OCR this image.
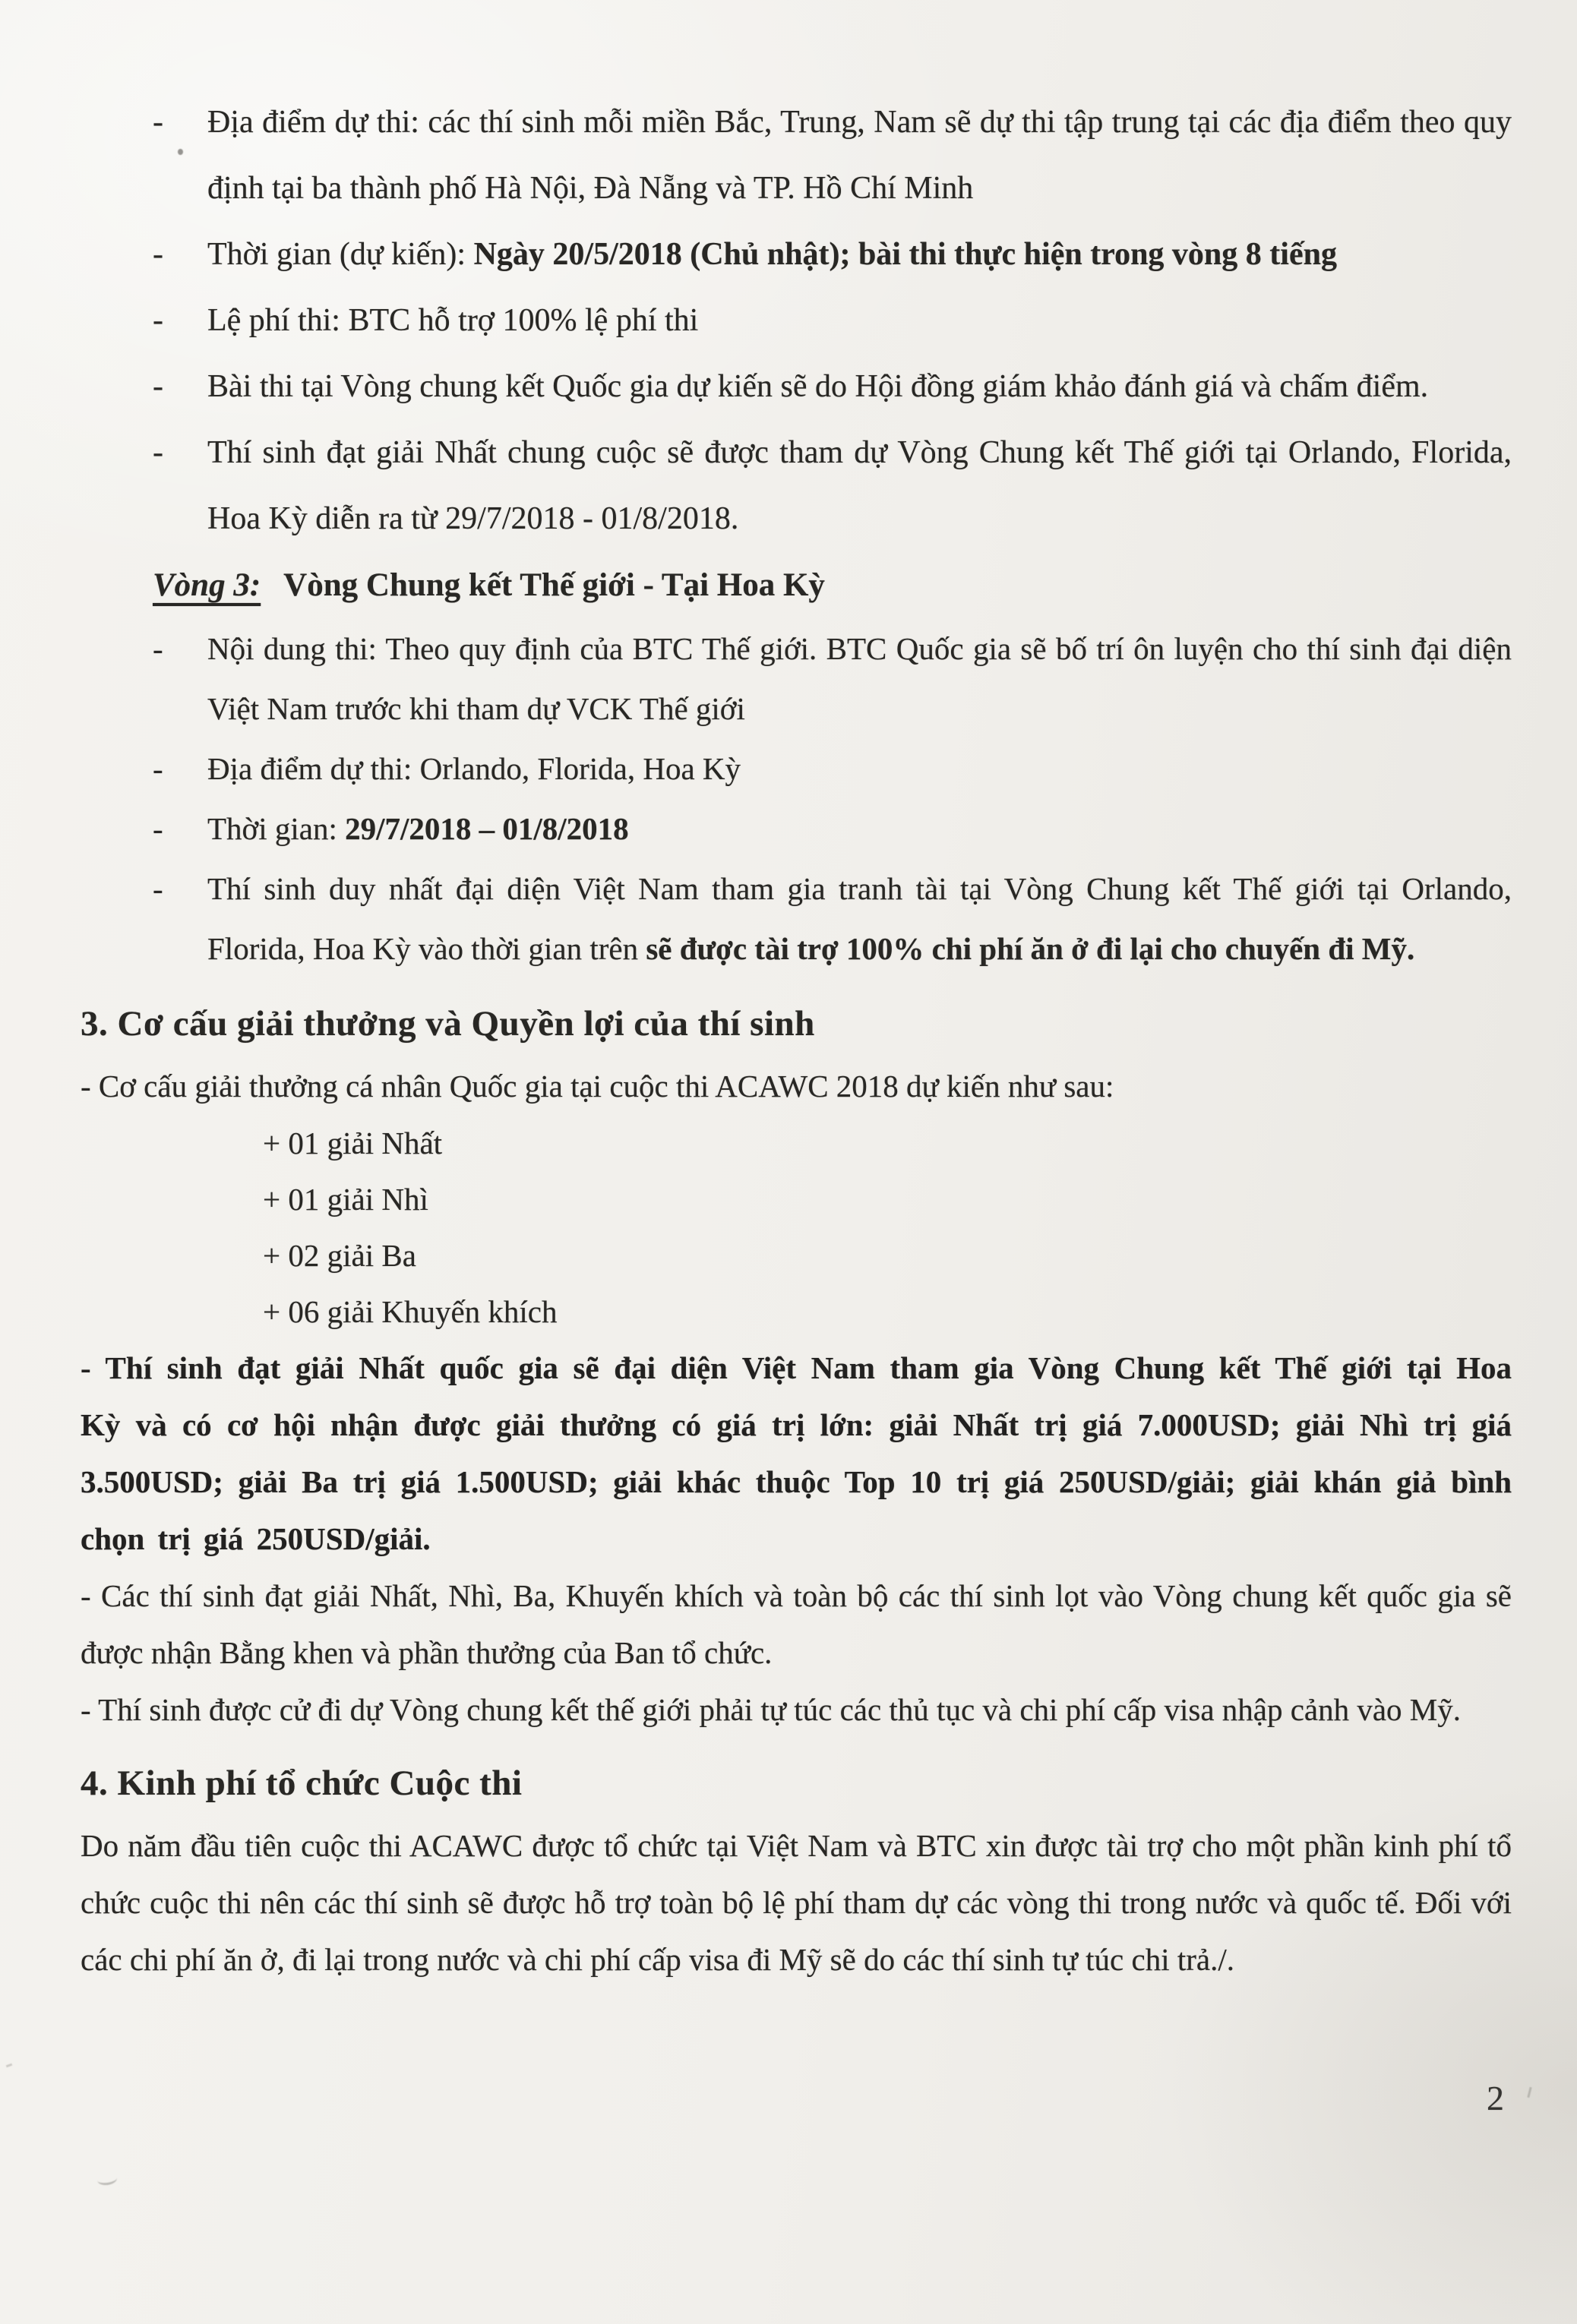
-	Địa điểm dự thi: các thí sinh mỗi miền Bắc, Trung, Nam sẽ dự thi tập trung tại các địa điểm theo quy định tại ba thành phố Hà Nội, Đà Nẵng và TP. Hồ Chí Minh
-	Thời gian (dự kiến): Ngày 20/5/2018 (Chủ nhật); bài thi thực hiện trong vòng 8 tiếng
-	Lệ phí thi: BTC hỗ trợ 100% lệ phí thi
-	Bài thi tại Vòng chung kết Quốc gia dự kiến sẽ do Hội đồng giám khảo đánh giá và chấm điểm.
-	Thí sinh đạt giải Nhất chung cuộc sẽ được tham dự Vòng Chung kết Thế giới tại Orlando, Florida, Hoa Kỳ diễn ra từ 29/7/2018 - 01/8/2018.
Vòng 3: Vòng Chung kết Thế giới - Tại Hoa Kỳ
-	Nội dung thi: Theo quy định của BTC Thế giới. BTC Quốc gia sẽ bố trí ôn luyện cho thí sinh đại diện Việt Nam trước khi tham dự VCK Thế giới
-	Địa điểm dự thi: Orlando, Florida, Hoa Kỳ
-	Thời gian: 29/7/2018 – 01/8/2018
-	Thí sinh duy nhất đại diện Việt Nam tham gia tranh tài tại Vòng Chung kết Thế giới tại Orlando, Florida, Hoa Kỳ vào thời gian trên sẽ được tài trợ 100% chi phí ăn ở đi lại cho chuyến đi Mỹ.
3. Cơ cấu giải thưởng và Quyền lợi của thí sinh

- Cơ cấu giải thưởng cá nhân Quốc gia tại cuộc thi ACAWC 2018 dự kiến như sau:

+ 01 giải Nhất
+ 01 giải Nhì
+ 02 giải Ba
+ 06 giải Khuyến khích

- Thí sinh đạt giải Nhất quốc gia sẽ đại diện Việt Nam tham gia Vòng Chung kết Thế giới tại Hoa Kỳ và có cơ hội nhận được giải thưởng có giá trị lớn: giải Nhất trị giá 7.000USD; giải Nhì trị giá 3.500USD; giải Ba trị giá 1.500USD; giải khác thuộc Top 10 trị giá 250USD/giải; giải khán giả bình chọn trị giá 250USD/giải.

- Các thí sinh đạt giải Nhất, Nhì, Ba, Khuyến khích và toàn bộ các thí sinh lọt vào Vòng chung kết quốc gia sẽ được nhận Bằng khen và phần thưởng của Ban tổ chức.

- Thí sinh được cử đi dự Vòng chung kết thế giới phải tự túc các thủ tục và chi phí cấp visa nhập cảnh vào Mỹ.

4. Kinh phí tổ chức Cuộc thi

Do năm đầu tiên cuộc thi ACAWC được tổ chức tại Việt Nam và BTC xin được tài trợ cho một phần kinh phí tổ chức cuộc thi nên các thí sinh sẽ được hỗ trợ toàn bộ lệ phí tham dự các vòng thi trong nước và quốc tế. Đối với các chi phí ăn ở, đi lại trong nước và chi phí cấp visa đi Mỹ sẽ do các thí sinh tự túc chi trả./.

2
